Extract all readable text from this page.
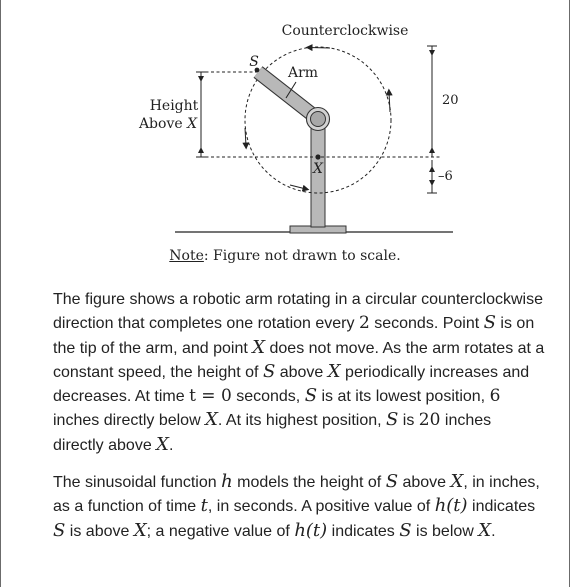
Counterclockwise
Arm
S
X
Height
Above X
20
–6
Note: Figure not drawn to scale.

The figure shows a robotic arm rotating in a circular counterclockwise direction that completes one rotation every 2 seconds. Point S is on the tip of the arm, and point X does not move. As the arm rotates at a constant speed, the height of S above X periodically increases and decreases. At time t = 0 seconds, S is at its lowest position, 6 inches directly below X. At its highest position, S is 20 inches directly above X.

The sinusoidal function h models the height of S above X, in inches, as a function of time t, in seconds. A positive value of h(t) indicates S is above X; a negative value of h(t) indicates S is below X.
